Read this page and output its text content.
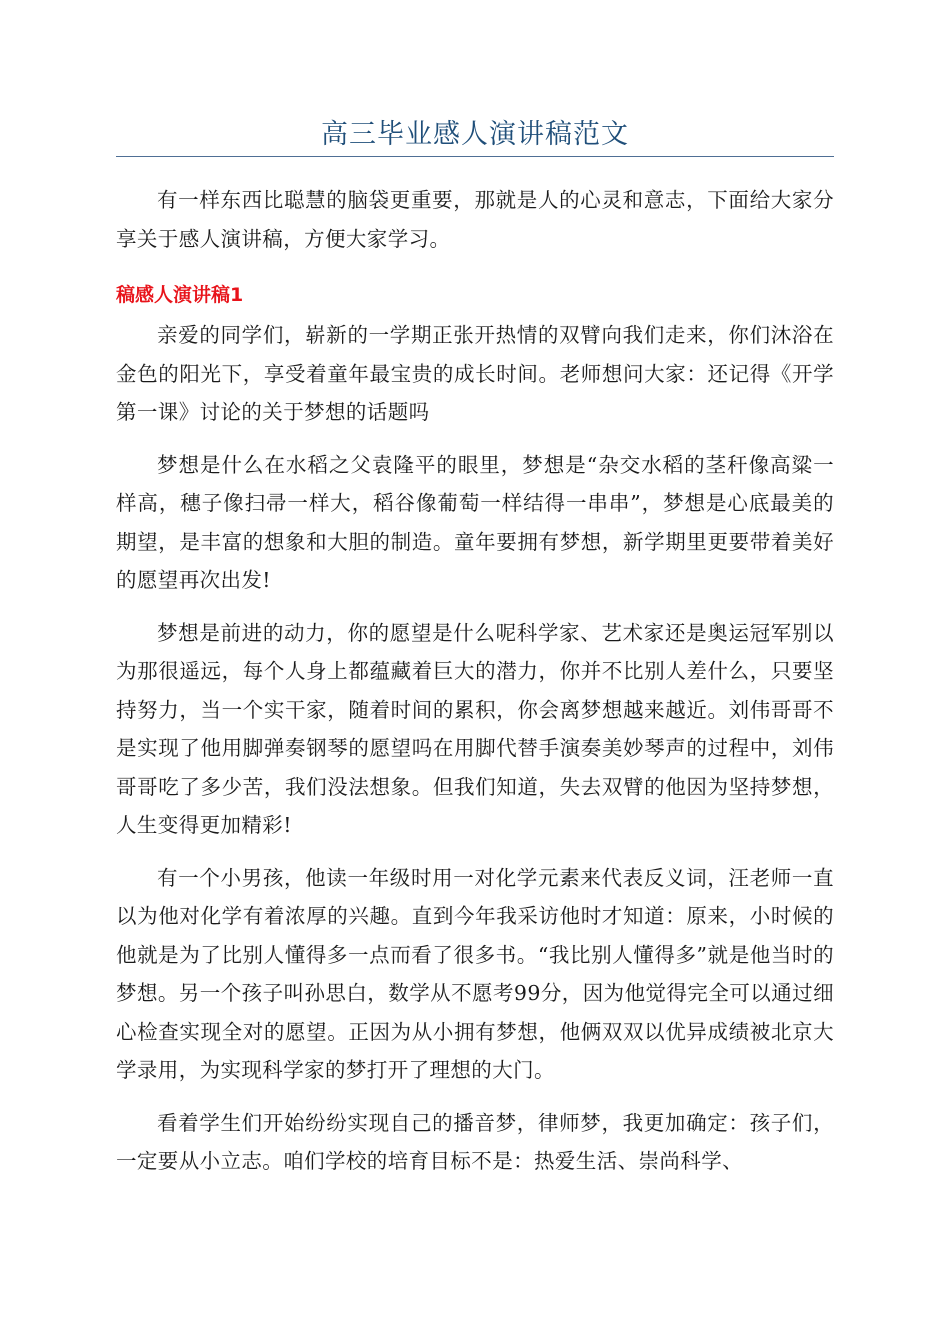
高三毕业感人演讲稿范文

有一样东西比聪慧的脑袋更重要，那就是人的心灵和意志，下面给大家分享关于感人演讲稿，方便大家学习。

稿感人演讲稿1

亲爱的同学们，崭新的一学期正张开热情的双臂向我们走来，你们沐浴在金色的阳光下，享受着童年最宝贵的成长时间。老师想问大家：还记得《开学第一课》讨论的关于梦想的话题吗

梦想是什么在水稻之父袁隆平的眼里，梦想是“杂交水稻的茎秆像高粱一样高，穗子像扫帚一样大，稻谷像葡萄一样结得一串串”，梦想是心底最美的期望，是丰富的想象和大胆的制造。童年要拥有梦想，新学期里更要带着美好的愿望再次出发!

梦想是前进的动力，你的愿望是什么呢科学家、艺术家还是奥运冠军别以为那很遥远，每个人身上都蕴藏着巨大的潜力，你并不比别人差什么，只要坚持努力，当一个实干家，随着时间的累积，你会离梦想越来越近。刘伟哥哥不是实现了他用脚弹奏钢琴的愿望吗在用脚代替手演奏美妙琴声的过程中，刘伟哥哥吃了多少苦，我们没法想象。但我们知道，失去双臂的他因为坚持梦想，人生变得更加精彩!

有一个小男孩，他读一年级时用一对化学元素来代表反义词，汪老师一直以为他对化学有着浓厚的兴趣。直到今年我采访他时才知道：原来，小时候的他就是为了比别人懂得多一点而看了很多书。“我比别人懂得多”就是他当时的梦想。另一个孩子叫孙思白，数学从不愿考99分，因为他觉得完全可以通过细心检查实现全对的愿望。正因为从小拥有梦想，他俩双双以优异成绩被北京大学录用，为实现科学家的梦打开了理想的大门。

看着学生们开始纷纷实现自己的播音梦，律师梦，我更加确定：孩子们，一定要从小立志。咱们学校的培育目标不是：热爱生活、崇尚科学、
